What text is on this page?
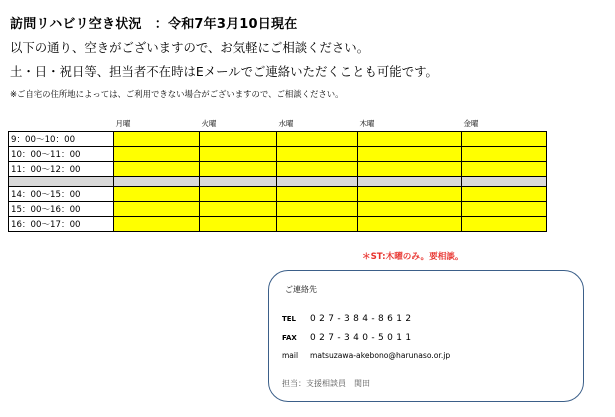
訪問リハビリ空き状況　：令和7年3月10日現在
以下の通り、空きがございますので、お気軽にご相談ください。
土・日・祝日等、担当者不在時はEメールでご連絡いただくことも可能です。
※ご自宅の住所地によっては、ご利用できない場合がございますので、ご相談ください。
	月曜	火曜	水曜	木曜	金曜
9：00〜10：00					
10：00〜11：00					
11：00〜12：00					

14：00〜15：00					
15：00〜16：00					
16：00〜17：00					
＊ST:木曜のみ。要相談。
ご連絡先
TEL 027-384-8612
FAX 027-340-5011
mail matsuzawa-akebono@harunaso.or.jp
担当：支援相談員　関田
